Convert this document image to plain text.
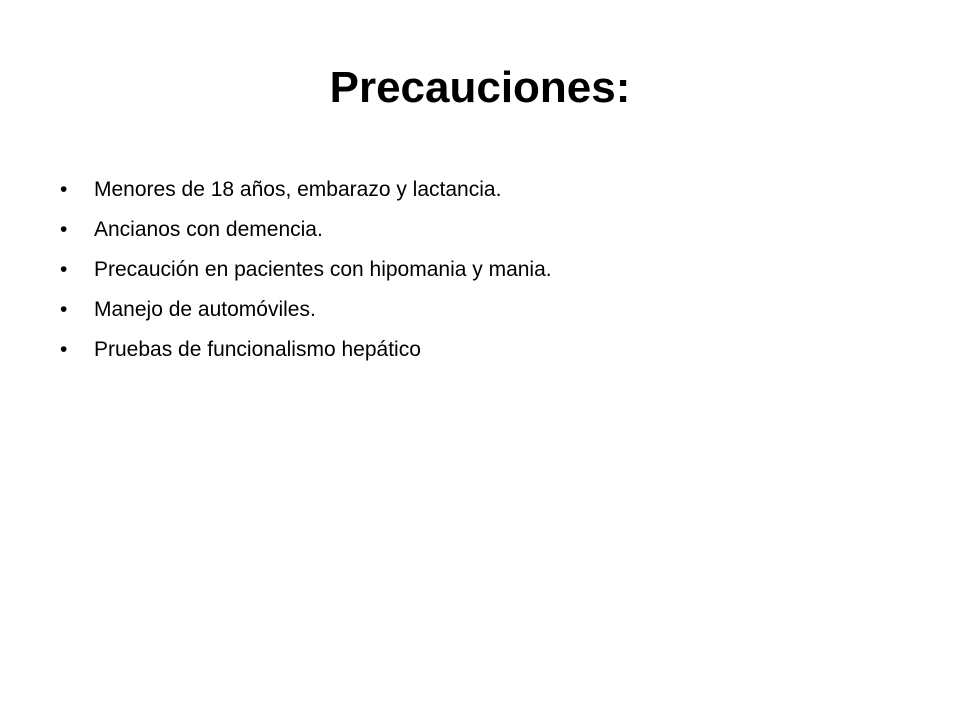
Precauciones:
•	Menores de 18 años, embarazo y lactancia.
•	Ancianos con demencia.
•	Precaución en pacientes con hipomania y mania.
•	Manejo de automóviles.
•	Pruebas de funcionalismo hepático
